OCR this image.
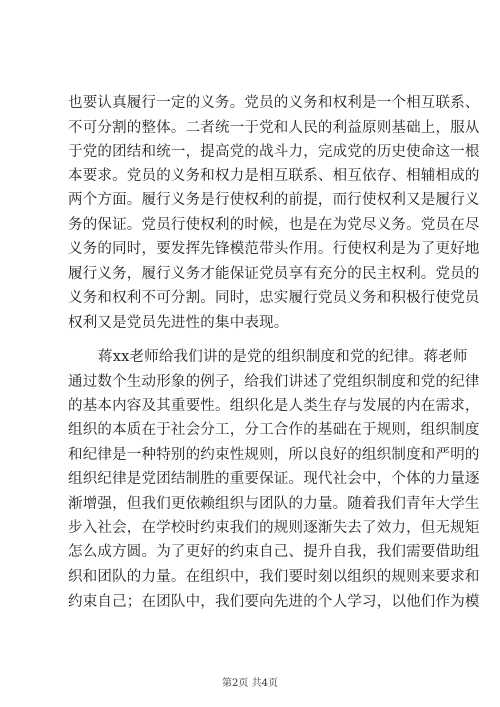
也要认真履行一定的义务。党员的义务和权利是一个相互联系、
不可分割的整体。二者统一于党和人民的利益原则基础上，服从
于党的团结和统一，提高党的战斗力，完成党的历史使命这一根
本要求。党员的义务和权力是相互联系、相互依存、相辅相成的
两个方面。履行义务是行使权利的前提，而行使权利又是履行义
务的保证。党员行使权利的时候，也是在为党尽义务。党员在尽
义务的同时，要发挥先锋模范带头作用。行使权利是为了更好地
履行义务，履行义务才能保证党员享有充分的民主权利。党员的
义务和权利不可分割。同时，忠实履行党员义务和积极行使党员
权利又是党员先进性的集中表现。
蒋xx老师给我们讲的是党的组织制度和党的纪律。蒋老师
通过数个生动形象的例子，给我们讲述了党组织制度和党的纪律
的基本内容及其重要性。组织化是人类生存与发展的内在需求，
组织的本质在于社会分工，分工合作的基础在于规则，组织制度
和纪律是一种特别的约束性规则，所以良好的组织制度和严明的
组织纪律是党团结制胜的重要保证。现代社会中，个体的力量逐
渐增强，但我们更依赖组织与团队的力量。随着我们青年大学生
步入社会，在学校时约束我们的规则逐渐失去了效力，但无规矩
怎么成方圆。为了更好的约束自己、提升自我，我们需要借助组
织和团队的力量。在组织中，我们要时刻以组织的规则来要求和
约束自己；在团队中，我们要向先进的个人学习，以他们作为模
第2页 共4页
